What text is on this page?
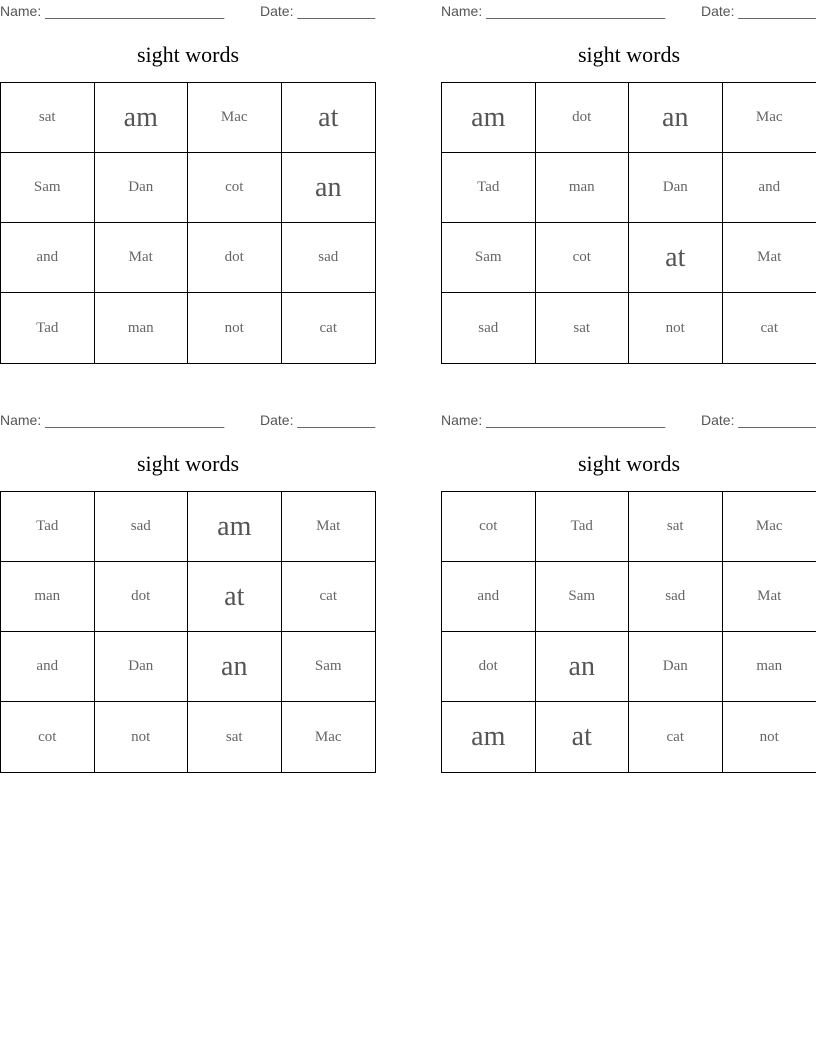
Name: _______________________	Date: __________
sight words
sat	am	Mac	at
Sam	Dan	cot	an
and	Mat	dot	sad
Tad	man	not	cat
Name: _______________________	Date: __________
sight words
am	dot	an	Mac
Tad	man	Dan	and
Sam	cot	at	Mat
sad	sat	not	cat
Name: _______________________	Date: __________
sight words
Tad	sad	am	Mat
man	dot	at	cat
and	Dan	an	Sam
cot	not	sat	Mac
Name: _______________________	Date: __________
sight words
cot	Tad	sat	Mac
and	Sam	sad	Mat
dot	an	Dan	man
am	at	cat	not
